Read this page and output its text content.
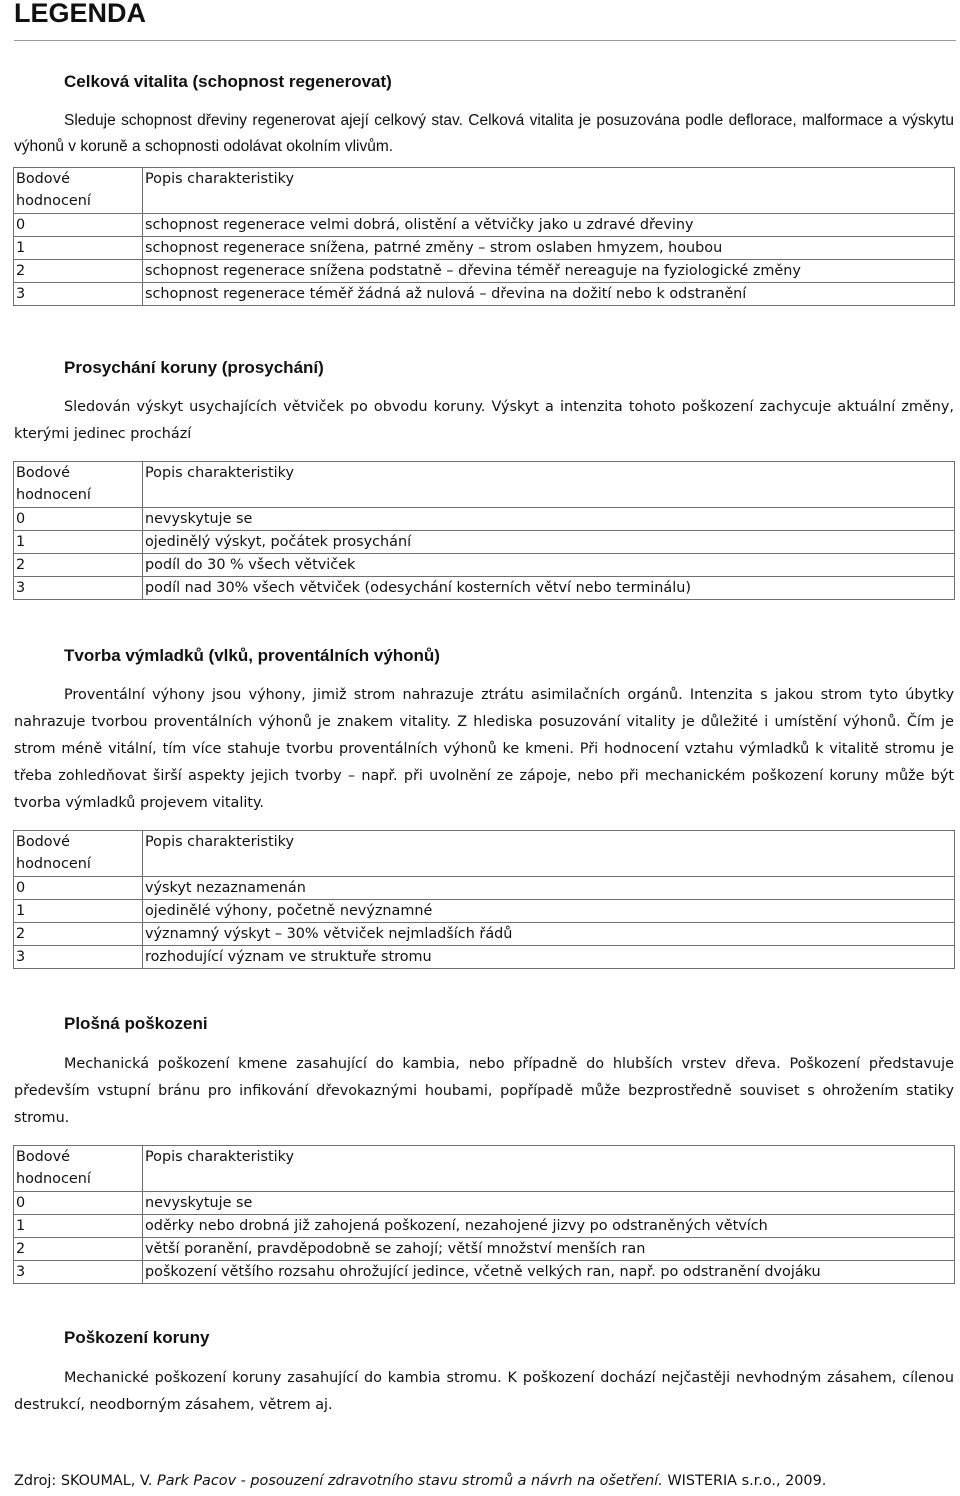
LEGENDA
Celková vitalita (schopnost regenerovat)

Sleduje schopnost dřeviny regenerovat ajejí celkový stav. Celková vitalita je posuzována podle deflorace, malformace a výskytu výhonů v koruně a schopnosti odolávat okolním vlivům.

Bodové hodnocení	Popis charakteristiky
0	schopnost regenerace velmi dobrá, olistění a větvičky jako u zdravé dřeviny
1	schopnost regenerace snížena, patrné změny – strom oslaben hmyzem, houbou
2	schopnost regenerace snížena podstatně – dřevina téměř nereaguje na fyziologické změny
3	schopnost regenerace téměř žádná až nulová – dřevina na dožití nebo k odstranění
Prosychání koruny (prosychání)

Sledován výskyt usychajících větviček po obvodu koruny. Výskyt a intenzita tohoto poškození zachycuje aktuální změny, kterými jedinec prochází

Bodové hodnocení	Popis charakteristiky
0	nevyskytuje se
1	ojedinělý výskyt, počátek prosychání
2	podíl do 30 % všech větviček
3	podíl nad 30% všech větviček (odesychání kosterních větví nebo terminálu)
Tvorba výmladků (vlků, proventálních výhonů)

Proventální výhony jsou výhony, jimiž strom nahrazuje ztrátu asimilačních orgánů. Intenzita s jakou strom tyto úbytky nahrazuje tvorbou proventálních výhonů je znakem vitality. Z hlediska posuzování vitality je důležité i umístění výhonů. Čím je strom méně vitální, tím více stahuje tvorbu proventálních výhonů ke kmeni. Při hodnocení vztahu výmladků k vitalitě stromu je třeba zohledňovat širší aspekty jejich tvorby – např. při uvolnění ze zápoje, nebo při mechanickém poškození koruny může být tvorba výmladků projevem vitality.

Bodové hodnocení	Popis charakteristiky
0	výskyt nezaznamenán
1	ojedinělé výhony, početně nevýznamné
2	významný výskyt – 30% větviček nejmladších řádů
3	rozhodující význam ve struktuře stromu
Plošná poškozeni

Mechanická poškození kmene zasahující do kambia, nebo případně do hlubších vrstev dřeva. Poškození představuje především vstupní bránu pro infikování dřevokaznými houbami, popřípadě může bezprostředně souviset s ohrožením statiky stromu.

Bodové hodnocení	Popis charakteristiky
0	nevyskytuje se
1	oděrky nebo drobná již zahojená poškození, nezahojené jizvy po odstraněných větvích
2	větší poranění, pravděpodobně se zahojí; větší množství menších ran
3	poškození většího rozsahu ohrožující jedince, včetně velkých ran, např. po odstranění dvojáku
Poškození koruny

Mechanické poškození koruny zasahující do kambia stromu. K poškození dochází nejčastěji nevhodným zásahem, cílenou destrukcí, neodborným zásahem, větrem aj.

Zdroj: SKOUMAL, V. Park Pacov - posouzení zdravotního stavu stromů a návrh na ošetření. WISTERIA s.r.o., 2009.
